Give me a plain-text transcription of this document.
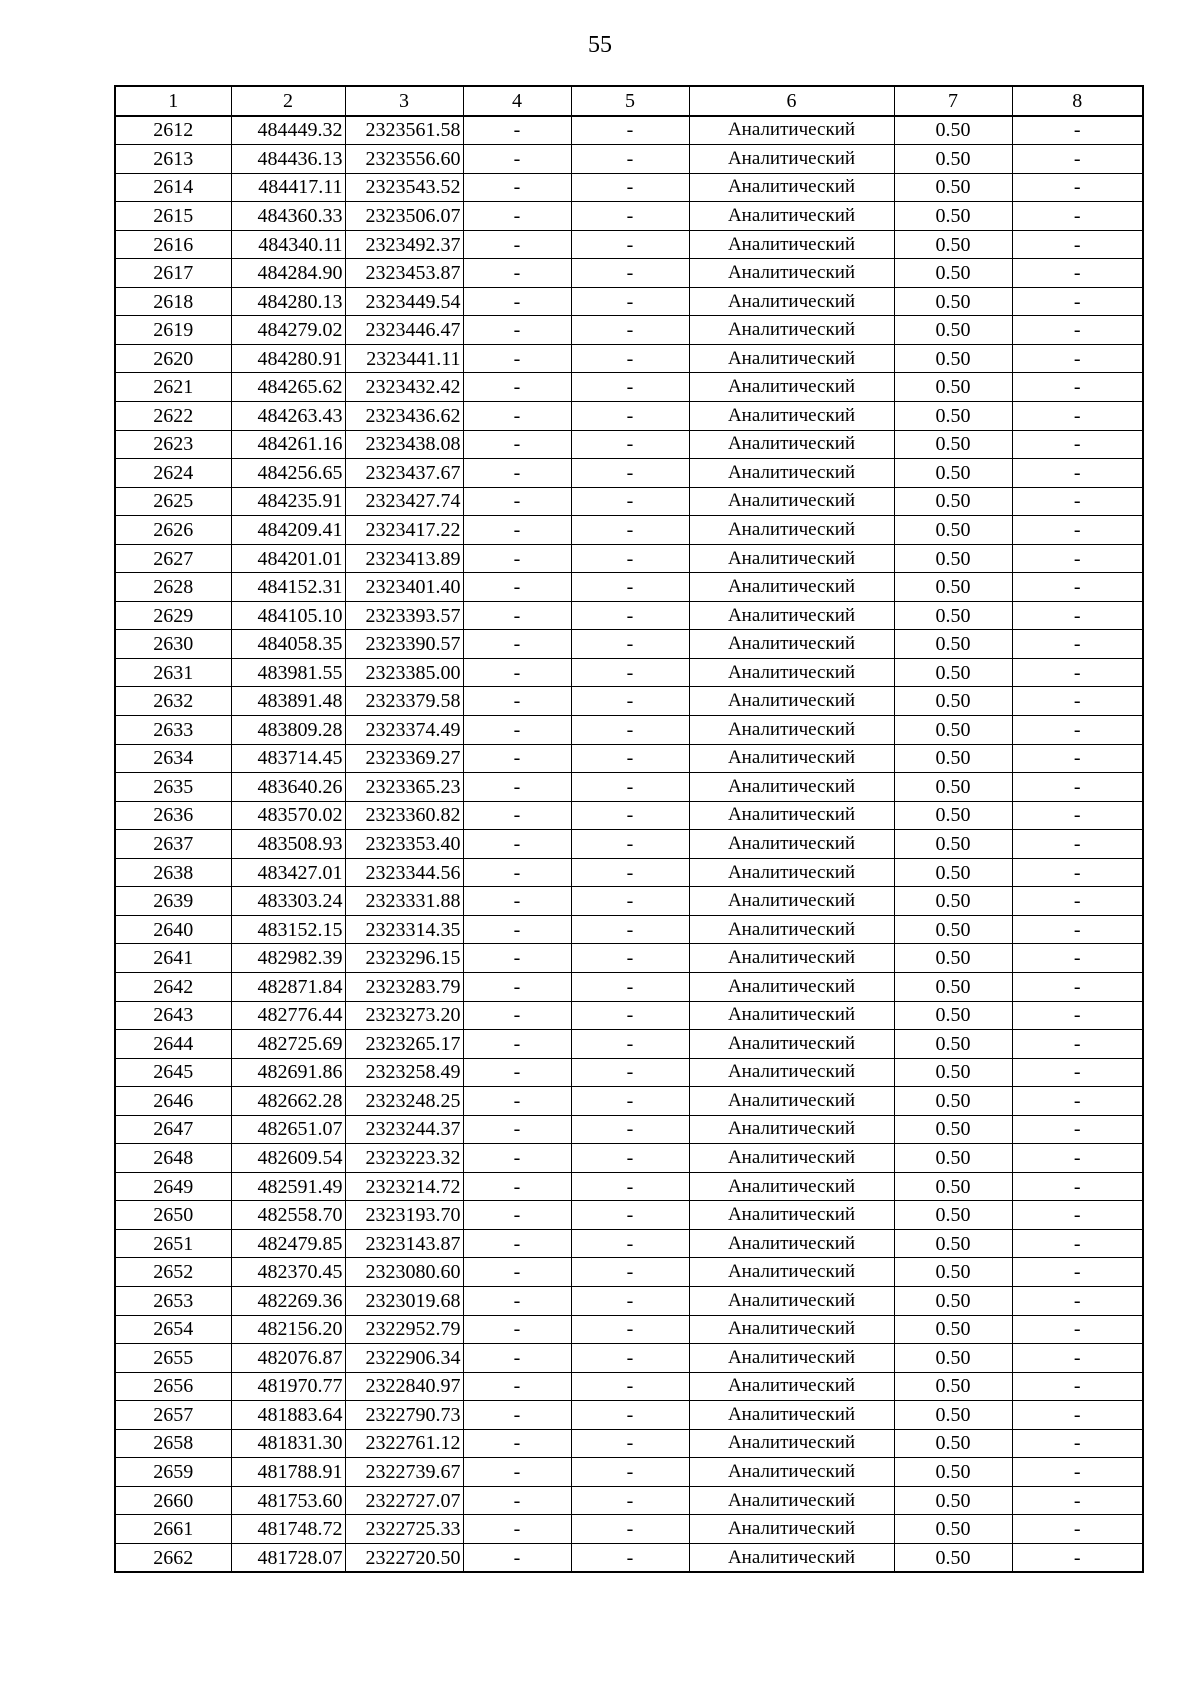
55
1	2	3	4	5	6	7	8
2612	484449.32	2323561.58	-	-	Аналитический	0.50	-
2613	484436.13	2323556.60	-	-	Аналитический	0.50	-
2614	484417.11	2323543.52	-	-	Аналитический	0.50	-
2615	484360.33	2323506.07	-	-	Аналитический	0.50	-
2616	484340.11	2323492.37	-	-	Аналитический	0.50	-
2617	484284.90	2323453.87	-	-	Аналитический	0.50	-
2618	484280.13	2323449.54	-	-	Аналитический	0.50	-
2619	484279.02	2323446.47	-	-	Аналитический	0.50	-
2620	484280.91	2323441.11	-	-	Аналитический	0.50	-
2621	484265.62	2323432.42	-	-	Аналитический	0.50	-
2622	484263.43	2323436.62	-	-	Аналитический	0.50	-
2623	484261.16	2323438.08	-	-	Аналитический	0.50	-
2624	484256.65	2323437.67	-	-	Аналитический	0.50	-
2625	484235.91	2323427.74	-	-	Аналитический	0.50	-
2626	484209.41	2323417.22	-	-	Аналитический	0.50	-
2627	484201.01	2323413.89	-	-	Аналитический	0.50	-
2628	484152.31	2323401.40	-	-	Аналитический	0.50	-
2629	484105.10	2323393.57	-	-	Аналитический	0.50	-
2630	484058.35	2323390.57	-	-	Аналитический	0.50	-
2631	483981.55	2323385.00	-	-	Аналитический	0.50	-
2632	483891.48	2323379.58	-	-	Аналитический	0.50	-
2633	483809.28	2323374.49	-	-	Аналитический	0.50	-
2634	483714.45	2323369.27	-	-	Аналитический	0.50	-
2635	483640.26	2323365.23	-	-	Аналитический	0.50	-
2636	483570.02	2323360.82	-	-	Аналитический	0.50	-
2637	483508.93	2323353.40	-	-	Аналитический	0.50	-
2638	483427.01	2323344.56	-	-	Аналитический	0.50	-
2639	483303.24	2323331.88	-	-	Аналитический	0.50	-
2640	483152.15	2323314.35	-	-	Аналитический	0.50	-
2641	482982.39	2323296.15	-	-	Аналитический	0.50	-
2642	482871.84	2323283.79	-	-	Аналитический	0.50	-
2643	482776.44	2323273.20	-	-	Аналитический	0.50	-
2644	482725.69	2323265.17	-	-	Аналитический	0.50	-
2645	482691.86	2323258.49	-	-	Аналитический	0.50	-
2646	482662.28	2323248.25	-	-	Аналитический	0.50	-
2647	482651.07	2323244.37	-	-	Аналитический	0.50	-
2648	482609.54	2323223.32	-	-	Аналитический	0.50	-
2649	482591.49	2323214.72	-	-	Аналитический	0.50	-
2650	482558.70	2323193.70	-	-	Аналитический	0.50	-
2651	482479.85	2323143.87	-	-	Аналитический	0.50	-
2652	482370.45	2323080.60	-	-	Аналитический	0.50	-
2653	482269.36	2323019.68	-	-	Аналитический	0.50	-
2654	482156.20	2322952.79	-	-	Аналитический	0.50	-
2655	482076.87	2322906.34	-	-	Аналитический	0.50	-
2656	481970.77	2322840.97	-	-	Аналитический	0.50	-
2657	481883.64	2322790.73	-	-	Аналитический	0.50	-
2658	481831.30	2322761.12	-	-	Аналитический	0.50	-
2659	481788.91	2322739.67	-	-	Аналитический	0.50	-
2660	481753.60	2322727.07	-	-	Аналитический	0.50	-
2661	481748.72	2322725.33	-	-	Аналитический	0.50	-
2662	481728.07	2322720.50	-	-	Аналитический	0.50	-
